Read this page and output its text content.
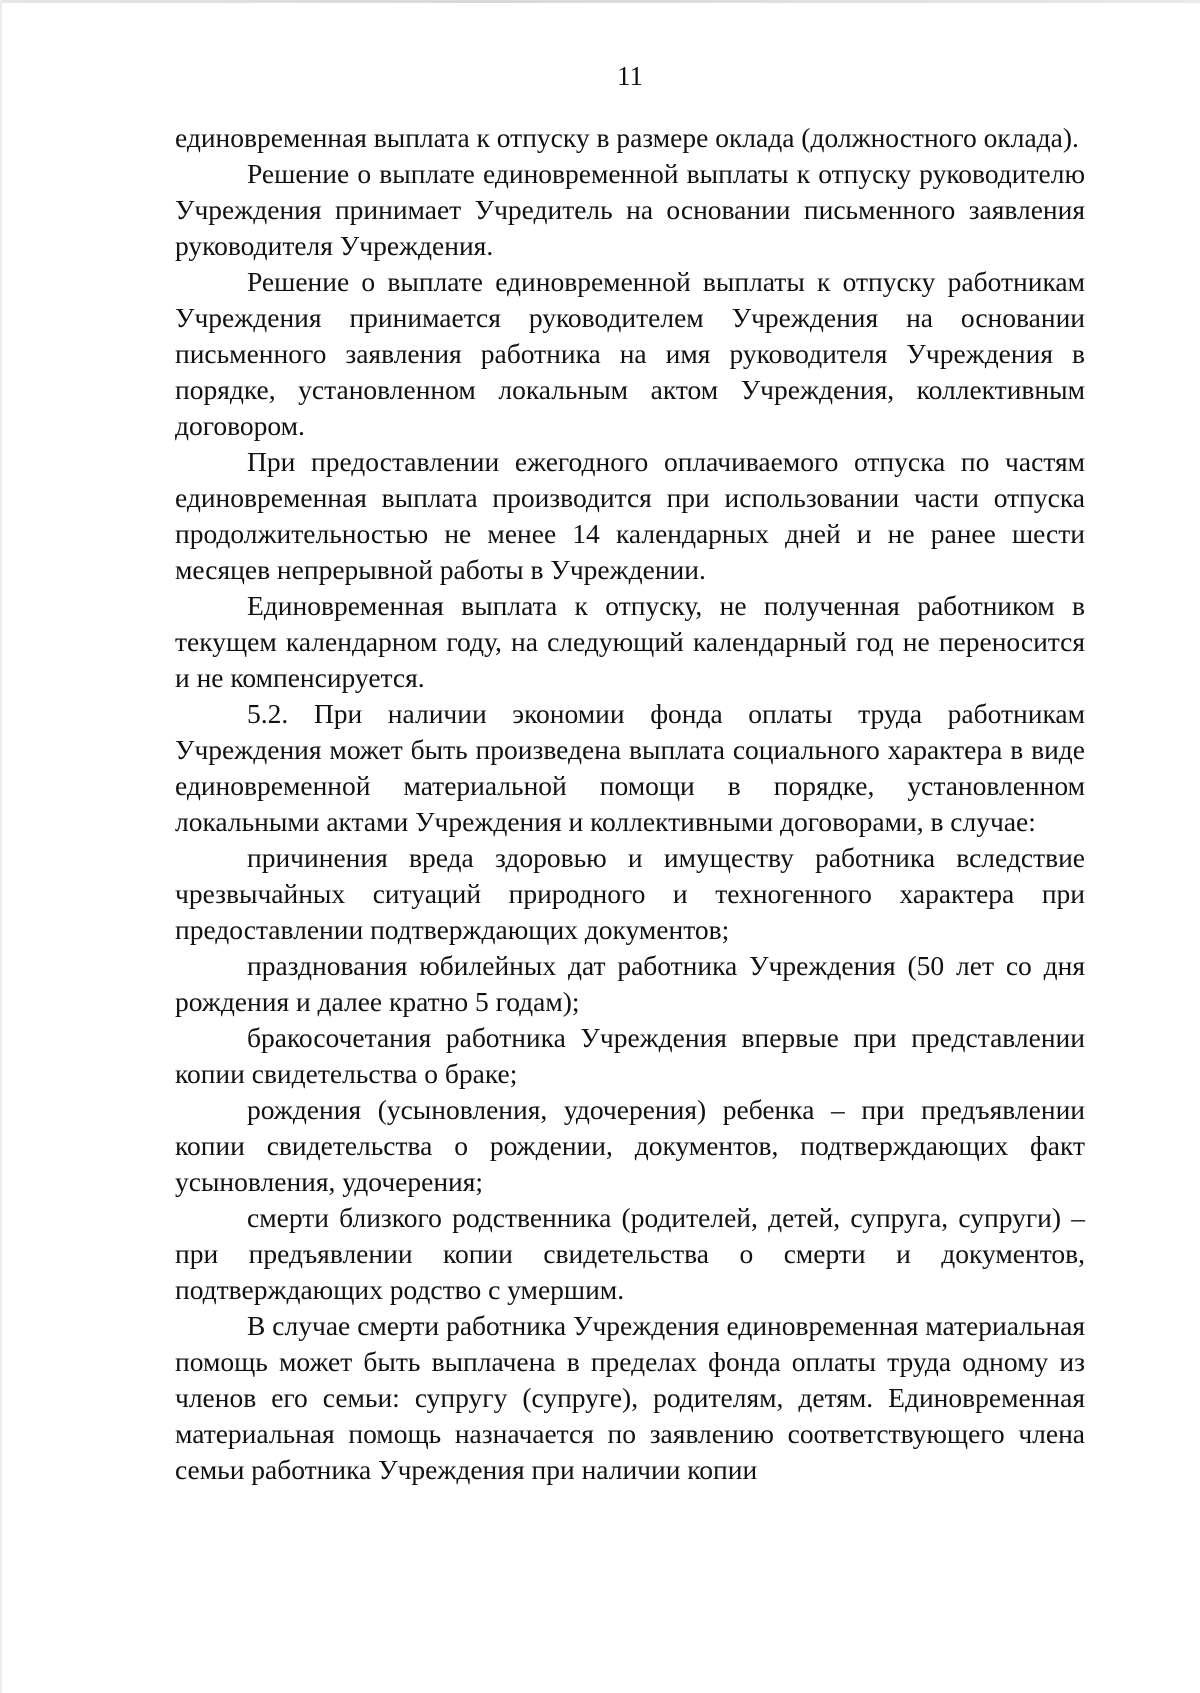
11

единовременная выплата к отпуску в размере оклада (должностного оклада).

Решение о выплате единовременной выплаты к отпуску руководителю Учреждения принимает Учредитель на основании письменного заявления руководителя Учреждения.

Решение о выплате единовременной выплаты к отпуску работникам Учреждения принимается руководителем Учреждения на основании письменного заявления работника на имя руководителя Учреждения в порядке, установленном локальным актом Учреждения, коллективным договором.

При предоставлении ежегодного оплачиваемого отпуска по частям единовременная выплата производится при использовании части отпуска продолжительностью не менее 14 календарных дней и не ранее шести месяцев непрерывной работы в Учреждении.

Единовременная выплата к отпуску, не полученная работником в текущем календарном году, на следующий календарный год не переносится и не компенсируется.

5.2. При наличии экономии фонда оплаты труда работникам Учреждения может быть произведена выплата социального характера в виде единовременной материальной помощи в порядке, установленном локальными актами Учреждения и коллективными договорами, в случае:

причинения вреда здоровью и имуществу работника вследствие чрезвычайных ситуаций природного и техногенного характера при предоставлении подтверждающих документов;

празднования юбилейных дат работника Учреждения (50 лет со дня рождения и далее кратно 5 годам);

бракосочетания работника Учреждения впервые при представлении копии свидетельства о браке;

рождения (усыновления, удочерения) ребенка – при предъявлении копии свидетельства о рождении, документов, подтверждающих факт усыновления, удочерения;

смерти близкого родственника (родителей, детей, супруга, супруги) – при предъявлении копии свидетельства о смерти и документов, подтверждающих родство с умершим.

В случае смерти работника Учреждения единовременная материальная помощь может быть выплачена в пределах фонда оплаты труда одному из членов его семьи: супругу (супруге), родителям, детям. Единовременная материальная помощь назначается по заявлению соответствующего члена семьи работника Учреждения при наличии копии
